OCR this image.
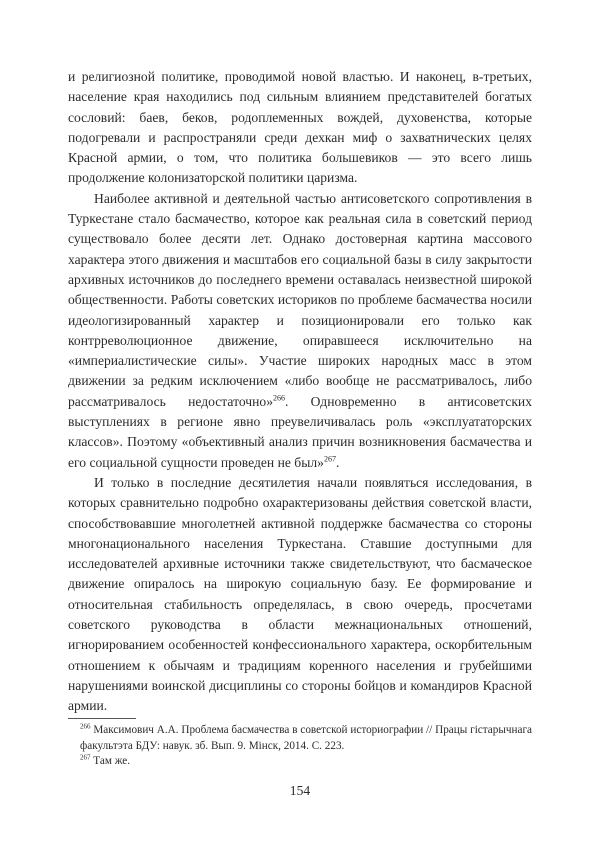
и религиозной политике, проводимой новой властью. И наконец, в-третьих, население края находились под сильным влиянием представителей богатых сословий: баев, беков, родоплеменных вождей, духовенства, которые подогревали и распространяли среди дехкан миф о захватнических целях Красной армии, о том, что политика большевиков — это всего лишь продолжение колонизаторской политики царизма.

Наиболее активной и деятельной частью антисоветского сопротивления в Туркестане стало басмачество, которое как реальная сила в советский период существовало более десяти лет. Однако достоверная картина массового характера этого движения и масштабов его социальной базы в силу закрытости архивных источников до последнего времени оставалась неизвестной широкой общественности. Работы советских историков по проблеме басмачества носили идеологизированный характер и позиционировали его только как контрреволюционное движение, опиравшееся исключительно на «империалистические силы». Участие широких народных масс в этом движении за редким исключением «либо вообще не рассматривалось, либо рассматривалось недостаточно»$^{266}$. Одновременно в антисоветских выступлениях в регионе явно преувеличивалась роль «эксплуататорских классов». Поэтому «объективный анализ причин возникновения басмачества и его социальной сущности проведен не был»$^{267}$.

И только в последние десятилетия начали появляться исследования, в которых сравнительно подробно охарактеризованы действия советской власти, способствовавшие многолетней активной поддержке басмачества со стороны многонационального населения Туркестана. Ставшие доступными для исследователей архивные источники также свидетельствуют, что басмаческое движение опиралось на широкую социальную базу. Ее формирование и относительная стабильность определялась, в свою очередь, просчетами советского руководства в области межнациональных отношений, игнорированием особенностей конфессионального характера, оскорбительным отношением к обычаям и традициям коренного населения и грубейшими нарушениями воинской дисциплины со стороны бойцов и командиров Красной армии.

$^{266}$ Максимович А.А. Проблема басмачества в советской историографии // Працы гістарычнага факультэта БДУ: навук. зб. Вып. 9. Мінск, 2014. С. 223.

$^{267}$ Там же.

154
